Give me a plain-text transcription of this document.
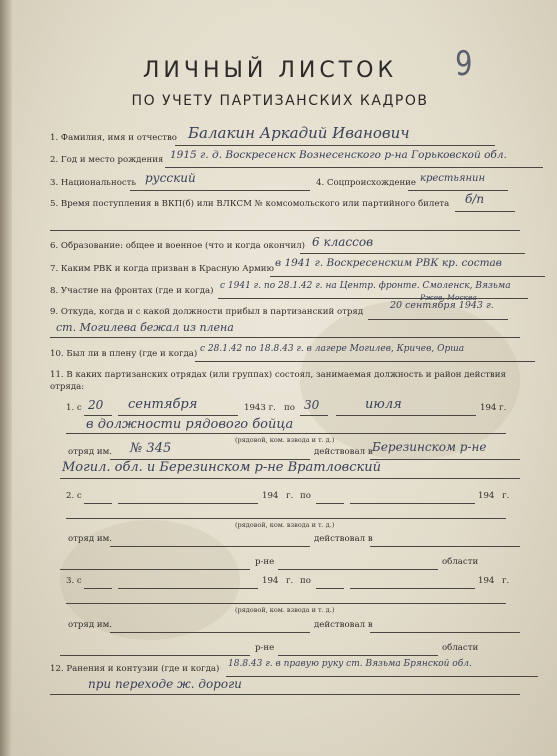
ЛИЧНЫЙ ЛИСТОК
ПО УЧЕТУ ПАРТИЗАНСКИХ КАДРОВ
9
1. Фамилия, имя и отчество Балакин Аркадий Иванович
2. Год и место рождения 1915 г. д. Воскресенск Вознесенского р-на Горьковской обл.
3. Национальность русский	4. Соцпроисхождение крестьянин
5. Время поступления в ВКП(б) или ВЛКСМ № комсомольского или партийного билета б/п
6. Образование: общее и военное (что и когда окончил) 6 классов
7. Каким РВК и когда призван в Красную Армию в 1941 г. Воскресенским РВК кр. состав
8. Участие на фронтах (где и когда) с 1941 г. по 28.1.42 г. на Центр. фронте. Смоленск, Вязьма
Ржев, Москва
9. Откуда, когда и с какой должности прибыл в партизанский отряд
20 сентября 1943 г.
ст. Могилева бежал из плена
10. Был ли в плену (где и когда) с 28.1.42 по 18.8.43 г. в лагере Могилев, Кричев, Орша
11. В каких партизанских отрядах (или группах) состоял, занимаемая должность и район действия отряда:
1. с 20 сентября	1943 г. по 30	июля	194 г.
в должности рядового бойца
(рядовой, ком. взвода и т. д.)
отряд им. № 345	действовал в Березинском р-не
Могил. обл. и Березинском р-не Вратловский
2. с	194 г. по	194 г.
(рядовой, ком. взвода и т. д.)
отряд им.	действовал в
р-не	области
3. с	194 г. по	194 г.
(рядовой, ком. взвода и т. д.)
отряд им.	действовал в
р-не	области
12. Ранения и контузии (где и когда) 18.8.43 г. в правую руку ст. Вязьма Брянской обл.
при переходе ж. дороги
